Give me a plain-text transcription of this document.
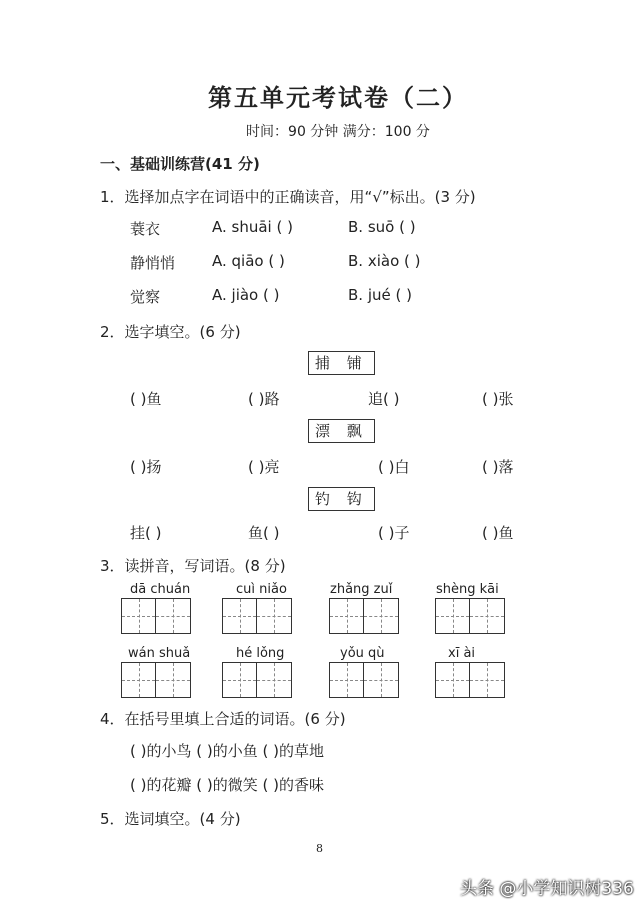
第五单元考试卷（二）
时间：90 分钟 满分：100 分
一、基础训练营(41 分)
1．选择加点字在词语中的正确读音，用“√”标出。(3 分)
蓑衣	A. shuāi ( )	B. suō ( )
静悄悄 A. qiāo ( )	B. xiào ( )
觉察	A. jiào ( )	B. jué ( )
2．选字填空。(6 分)
捕 铺
( )鱼	( )路	追( )	( )张
漂 飘
( )扬	( )亮	( )白	( )落
钓 钩
挂( )	鱼( )	( )子	( )鱼
3．读拼音，写词语。(8 分)
dā chuán	cuì niǎo	zhǎng zuǐ	shèng kāi
wán shuǎ	hé lǒng	yǒu qù	xī ài
4．在括号里填上合适的词语。(6 分)
( )的小鸟 ( )的小鱼 ( )的草地
( )的花瓣 ( )的微笑 ( )的香味
5．选词填空。(4 分)
8
头条 @小学知识树336
